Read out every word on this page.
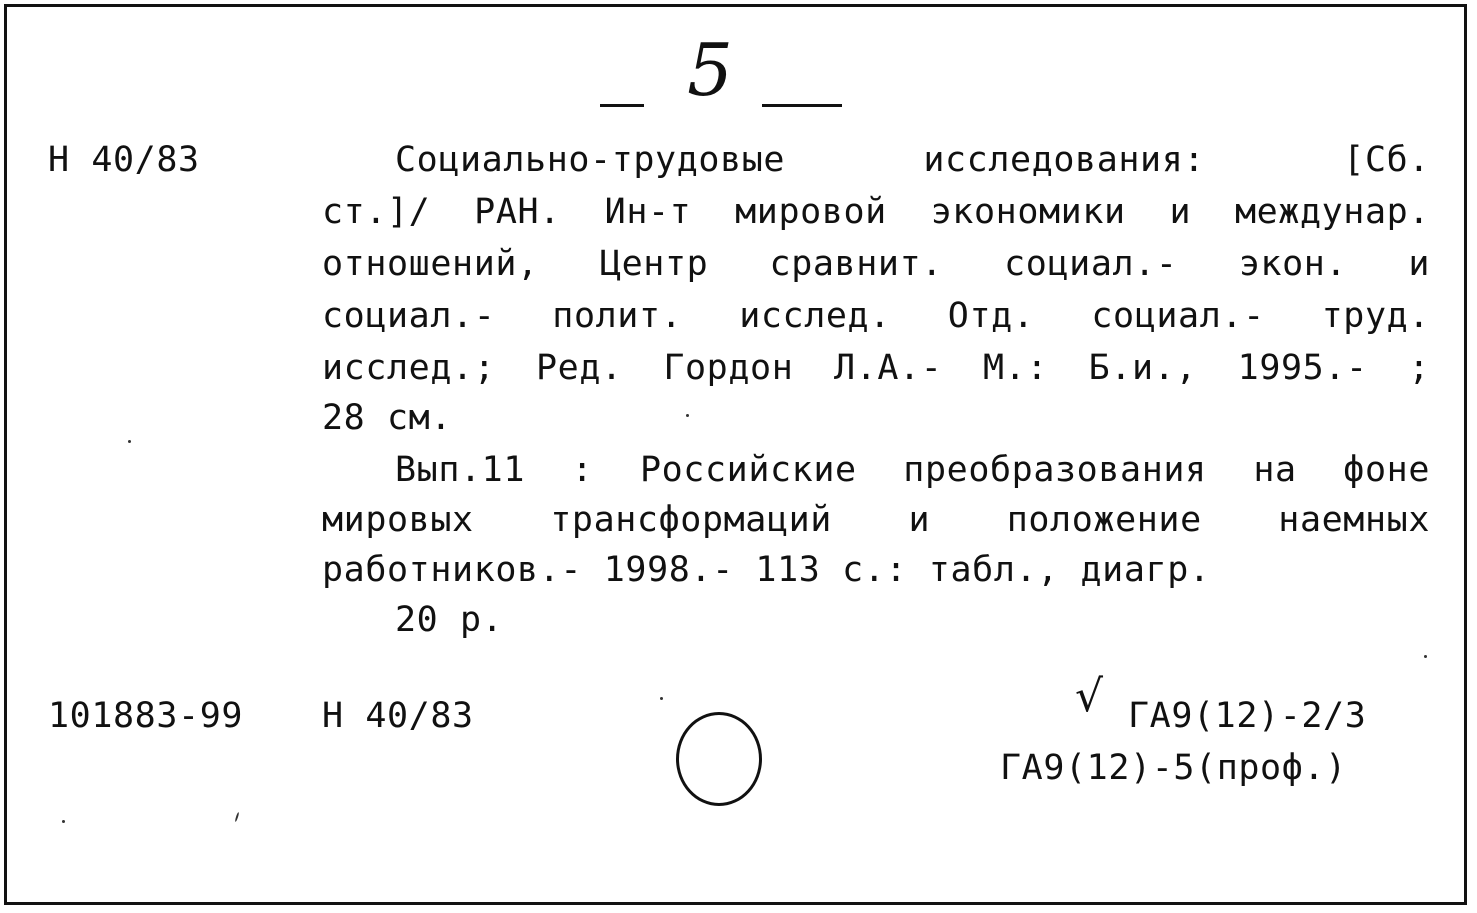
5
Н 40/83	Социально-трудовые исследования: [Сб.
ст.]/ РАН. Ин-т мировой экономики и междунар.
отношений, Центр сравнит. социал.- экон. и
социал.- полит. исслед. Отд. социал.- труд.
исслед.; Ред. Гордон Л.А.- М.: Б.и., 1995.- ;
28 см.
Вып.11 : Российские преобразования на фоне
мировых трансформаций и положение наемных
работников.- 1998.- 113 с.: табл., диагр.
20 р.
101883-99 Н 40/83	√ ГА9(12)-2/3
ГА9(12)-5(проф.)
